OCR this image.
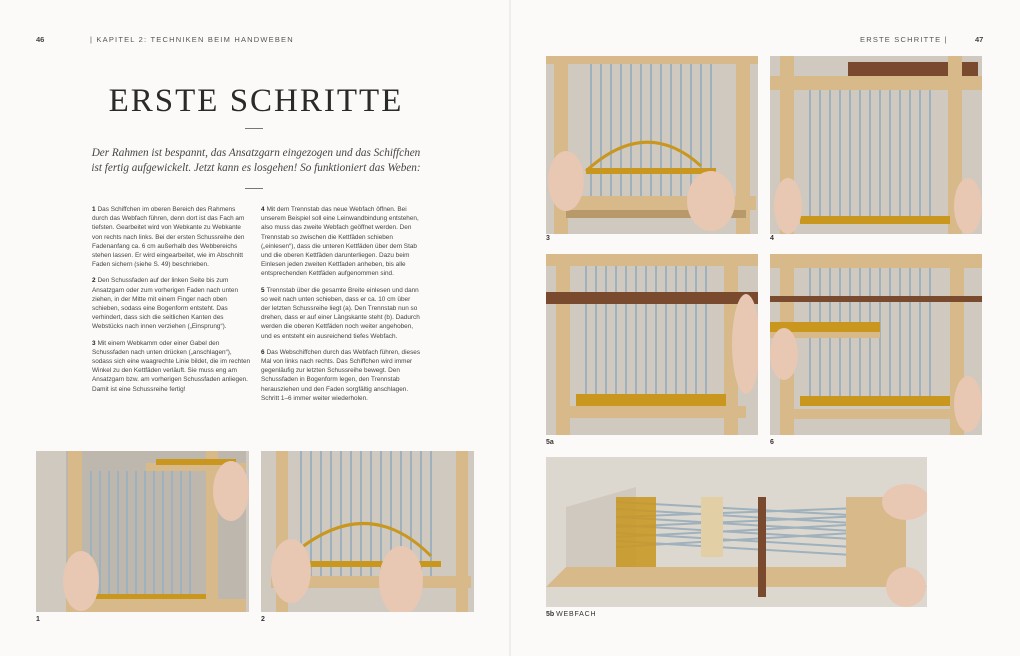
46	| KAPITEL 2: TECHNIKEN BEIM HANDWEBEN	ERSTE SCHRITTE |	47
ERSTE SCHRITTE
Der Rahmen ist bespannt, das Ansatzgarn eingezogen und das Schiffchen ist fertig aufgewickelt. Jetzt kann es losgehen! So funktioniert das Weben:

1 Das Schiffchen im oberen Bereich des Rahmens durch das Webfach führen, denn dort ist das Fach am tiefsten. Gearbeitet wird von Webkante zu Webkante von rechts nach links. Bei der ersten Schussreihe den Fadenanfang ca. 6 cm außerhalb des Webbereichs stehen lassen. Er wird eingearbeitet, wie im Abschnitt Faden sichern (siehe S. 49) beschrieben.

2 Den Schussfaden auf der linken Seite bis zum Ansatzgarn oder zum vorherigen Faden nach unten ziehen, in der Mitte mit einem Finger nach oben schieben, sodass eine Bogenform entsteht. Das verhindert, dass sich die seitlichen Kanten des Webstücks nach innen verziehen („Einsprung“).

3 Mit einem Webkamm oder einer Gabel den Schussfaden nach unten drücken („anschlagen“), sodass sich eine waagrechte Linie bildet, die im rechten Winkel zu den Kettfäden verläuft. Sie muss eng am Ansatzgarn bzw. am vorherigen Schussfaden anliegen. Damit ist eine Schussreihe fertig!

4 Mit dem Trennstab das neue Webfach öffnen. Bei unserem Beispiel soll eine Leinwandbindung entstehen, also muss das zweite Webfach geöffnet werden. Den Trennstab so zwischen die Kettfäden schieben („einlesen“), dass die unteren Kettfäden über dem Stab und die oberen Kettfäden darunterliegen. Dazu beim Einlesen jeden zweiten Kettfaden anheben, bis alle entsprechenden Kettfäden aufgenommen sind.

5 Trennstab über die gesamte Breite einlesen und dann so weit nach unten schieben, dass er ca. 10 cm über der letzten Schussreihe liegt (a). Den Trennstab nun so drehen, dass er auf einer Längskante steht (b). Dadurch werden die oberen Kettfäden noch weiter angehoben, und es entsteht ein ausreichend tiefes Webfach.

6 Das Webschiffchen durch das Webfach führen, dieses Mal von links nach rechts. Das Schiffchen wird immer gegenläufig zur letzten Schussreihe bewegt. Den Schussfaden in Bogenform legen, den Trennstab herausziehen und den Faden sorgfältig anschlagen. Schritt 1–6 immer weiter wiederholen.

1	2
3	4
5a	6
5b WEBFACH
